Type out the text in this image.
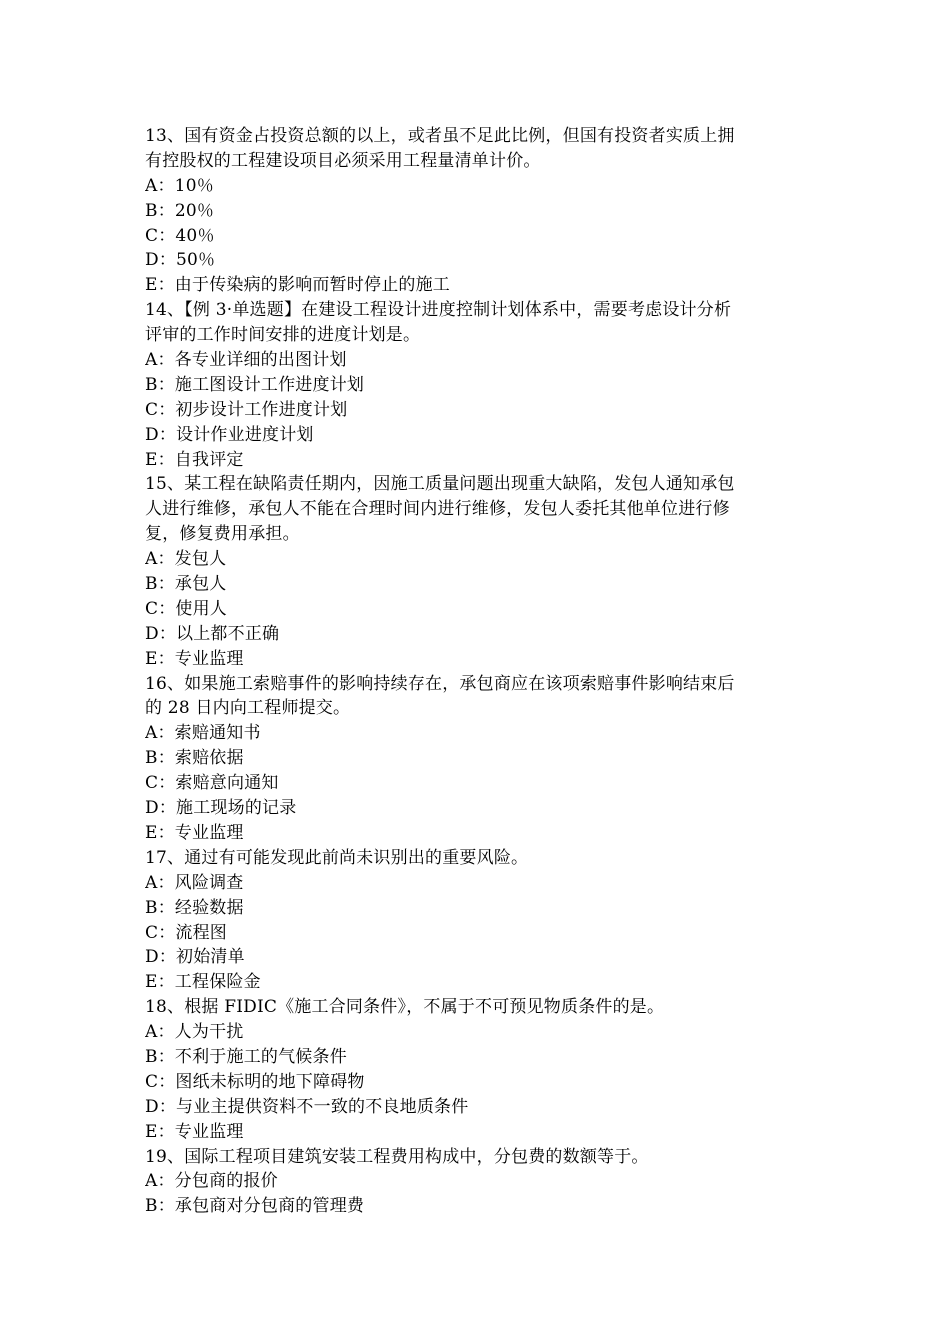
13、国有资金占投资总额的以上，或者虽不足此比例，但国有投资者实质上拥
有控股权的工程建设项目必须采用工程量清单计价。
A：10％
B：20％
C：40％
D：50％
E：由于传染病的影响而暂时停止的施工
14、【例 3·单选题】在建设工程设计进度控制计划体系中，需要考虑设计分析
评审的工作时间安排的进度计划是。
A：各专业详细的出图计划
B：施工图设计工作进度计划
C：初步设计工作进度计划
D：设计作业进度计划
E：自我评定
15、某工程在缺陷责任期内，因施工质量问题出现重大缺陷，发包人通知承包
人进行维修，承包人不能在合理时间内进行维修，发包人委托其他单位进行修
复，修复费用承担。
A：发包人
B：承包人
C：使用人
D：以上都不正确
E：专业监理
16、如果施工索赔事件的影响持续存在，承包商应在该项索赔事件影响结束后
的 28 日内向工程师提交。
A：索赔通知书
B：索赔依据
C：索赔意向通知
D：施工现场的记录
E：专业监理
17、通过有可能发现此前尚未识别出的重要风险。
A：风险调查
B：经验数据
C：流程图
D：初始清单
E：工程保险金
18、根据 FIDIC《施工合同条件》，不属于不可预见物质条件的是。
A：人为干扰
B：不利于施工的气候条件
C：图纸未标明的地下障碍物
D：与业主提供资料不一致的不良地质条件
E：专业监理
19、国际工程项目建筑安装工程费用构成中，分包费的数额等于。
A：分包商的报价
B：承包商对分包商的管理费
